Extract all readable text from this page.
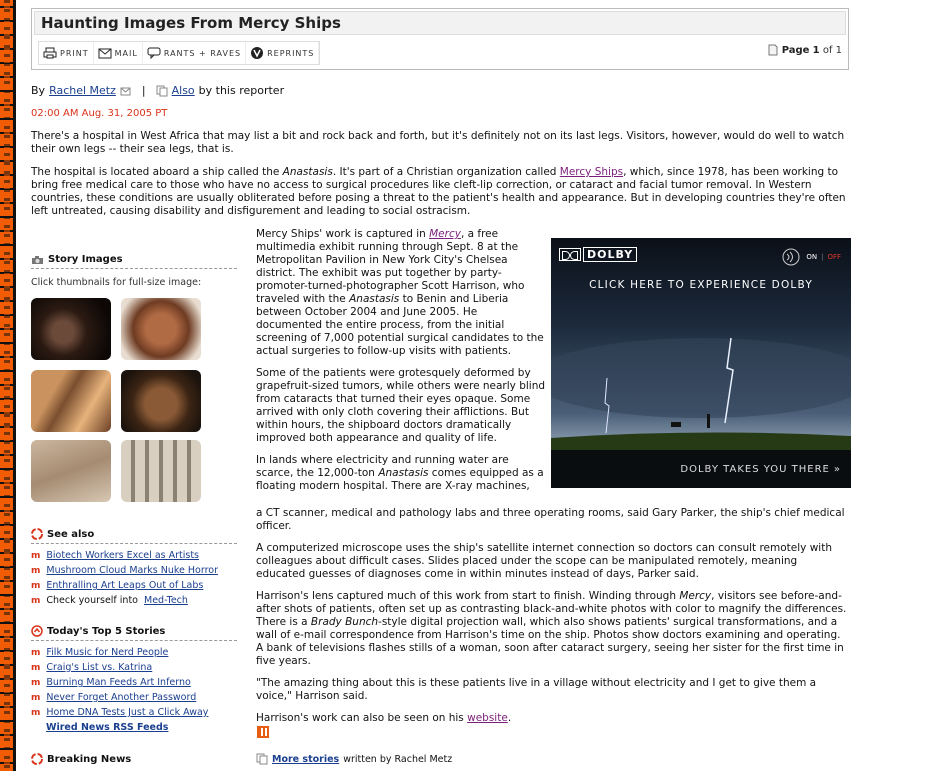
Haunting Images From Mercy Ships
PRINT	MAIL	RANTS + RAVES	REPRINTS	Page 1 of 1
By Rachel Metz | Also by this reporter
02:00 AM Aug. 31, 2005 PT

There's a hospital in West Africa that may list a bit and rock back and forth, but it's definitely not on its last legs. Visitors, however, would do well to watch their own legs -- their sea legs, that is.

The hospital is located aboard a ship called the Anastasis. It's part of a Christian organization called Mercy Ships, which, since 1978, has been working to bring free medical care to those who have no access to surgical procedures like cleft-lip correction, or cataract and facial tumor removal. In Western countries, these conditions are usually obliterated before posing a threat to the patient's health and appearance. But in developing countries they're often left untreated, causing disability and disfigurement and leading to social ostracism.

Story Images
Click thumbnails for full-size image:
See also
m Biotech Workers Excel as Artists
m Mushroom Cloud Marks Nuke Horror
m Enthralling Art Leaps Out of Labs
m Check yourself into Med-Tech
Today's Top 5 Stories
m Filk Music for Nerd People
m Craig's List vs. Katrina
m Burning Man Feeds Art Inferno
m Never Forget Another Password
m Home DNA Tests Just a Click Away
Wired News RSS Feeds
Breaking News

Mercy Ships' work is captured in Mercy, a free multimedia exhibit running through Sept. 8 at the Metropolitan Pavilion in New York City's Chelsea district. The exhibit was put together by party-promoter-turned-photographer Scott Harrison, who traveled with the Anastasis to Benin and Liberia between October 2004 and June 2005. He documented the entire process, from the initial screening of 7,000 potential surgical candidates to the actual surgeries to follow-up visits with patients.

Some of the patients were grotesquely deformed by grapefruit-sized tumors, while others were nearly blind from cataracts that turned their eyes opaque. Some arrived with only cloth covering their afflictions. But within hours, the shipboard doctors dramatically improved both appearance and quality of life.

In lands where electricity and running water are scarce, the 12,000-ton Anastasis comes equipped as a floating modern hospital. There are X-ray machines,

DOLBY	ON | OFF
CLICK HERE TO EXPERIENCE DOLBY
DOLBY TAKES YOU THERE »

a CT scanner, medical and pathology labs and three operating rooms, said Gary Parker, the ship's chief medical officer.

A computerized microscope uses the ship's satellite internet connection so doctors can consult remotely with colleagues about difficult cases. Slides placed under the scope can be manipulated remotely, meaning educated guesses of diagnoses come in within minutes instead of days, Parker said.

Harrison's lens captured much of this work from start to finish. Winding through Mercy, visitors see before-and-after shots of patients, often set up as contrasting black-and-white photos with color to magnify the differences. There is a Brady Bunch-style digital projection wall, which also shows patients' surgical transformations, and a wall of e-mail correspondence from Harrison's time on the ship. Photos show doctors examining and operating. A bank of televisions flashes stills of a woman, soon after cataract surgery, seeing her sister for the first time in five years.

"The amazing thing about this is these patients live in a village without electricity and I get to give them a voice," Harrison said.

Harrison's work can also be seen on his website.

More stories written by Rachel Metz
